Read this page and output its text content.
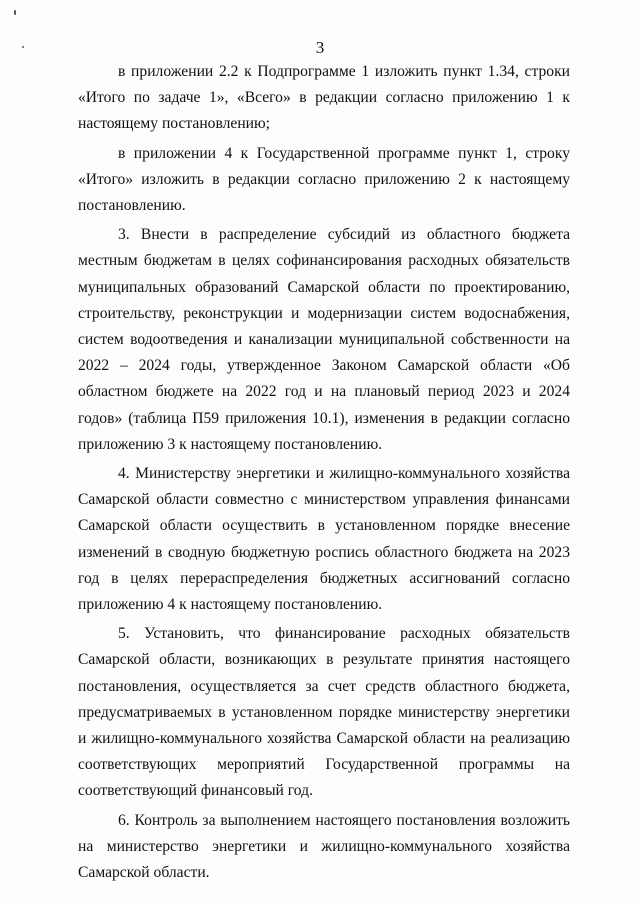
3

в приложении 2.2 к Подпрограмме 1 изложить пункт 1.34, строки «Итого по задаче 1», «Всего» в редакции согласно приложению 1 к настоящему постановлению;

в приложении 4 к Государственной программе пункт 1, строку «Итого» изложить в редакции согласно приложению 2 к настоящему постановлению.

3. Внести в распределение субсидий из областного бюджета местным бюджетам в целях софинансирования расходных обязательств муниципальных образований Самарской области по проектированию, строительству, реконструкции и модернизации систем водоснабжения, систем водоотведения и канализации муниципальной собственности на 2022 – 2024 годы, утвержденное Законом Самарской области «Об областном бюджете на 2022 год и на плановый период 2023 и 2024 годов» (таблица П59 приложения 10.1), изменения в редакции согласно приложению 3 к настоящему постановлению.

4. Министерству энергетики и жилищно-коммунального хозяйства Самарской области совместно с министерством управления финансами Самарской области осуществить в установленном порядке внесение изменений в сводную бюджетную роспись областного бюджета на 2023 год в целях перераспределения бюджетных ассигнований согласно приложению 4 к настоящему постановлению.

5. Установить, что финансирование расходных обязательств Самарской области, возникающих в результате принятия настоящего постановления, осуществляется за счет средств областного бюджета, предусматриваемых в установленном порядке министерству энергетики и жилищно-коммунального хозяйства Самарской области на реализацию соответствующих мероприятий Государственной программы на соответствующий финансовый год.

6. Контроль за выполнением настоящего постановления возложить на министерство энергетики и жилищно-коммунального хозяйства Самарской области.
